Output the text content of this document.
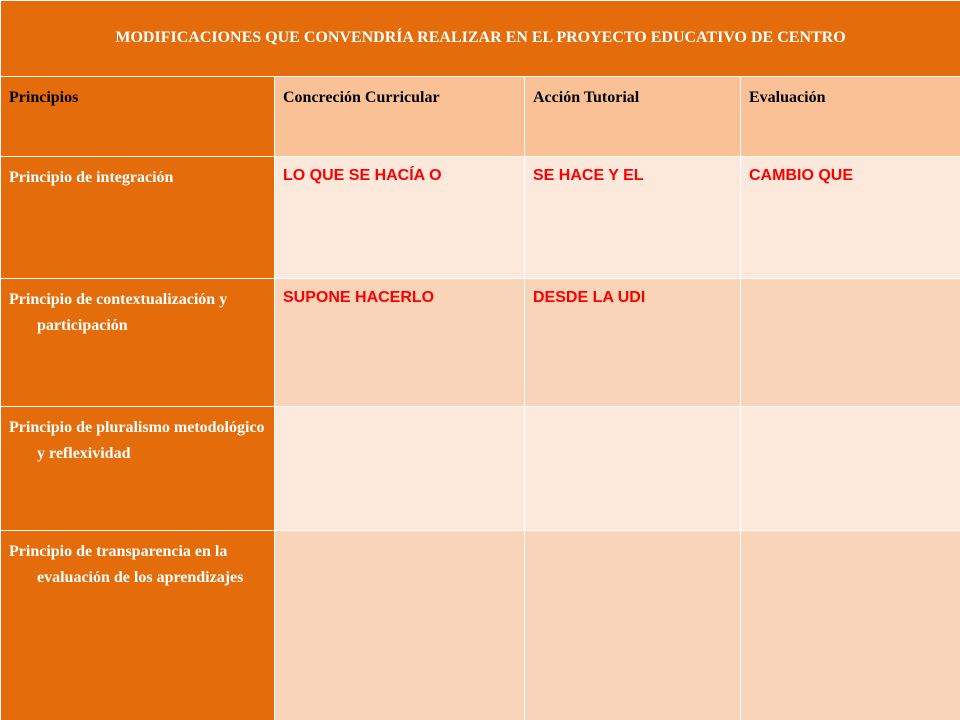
MODIFICACIONES QUE CONVENDRÍA REALIZAR EN EL PROYECTO EDUCATIVO DE CENTRO			
Principios	Concreción Curricular	Acción Tutorial	Evaluación
Principio de integración	LO QUE SE HACÍA O	SE HACE Y EL	CAMBIO QUE
Principio de contextualización y participación	SUPONE HACERLO	DESDE LA UDI	
Principio de pluralismo metodológico y reflexividad			
Principio de transparencia en la evaluación de los aprendizajes			
